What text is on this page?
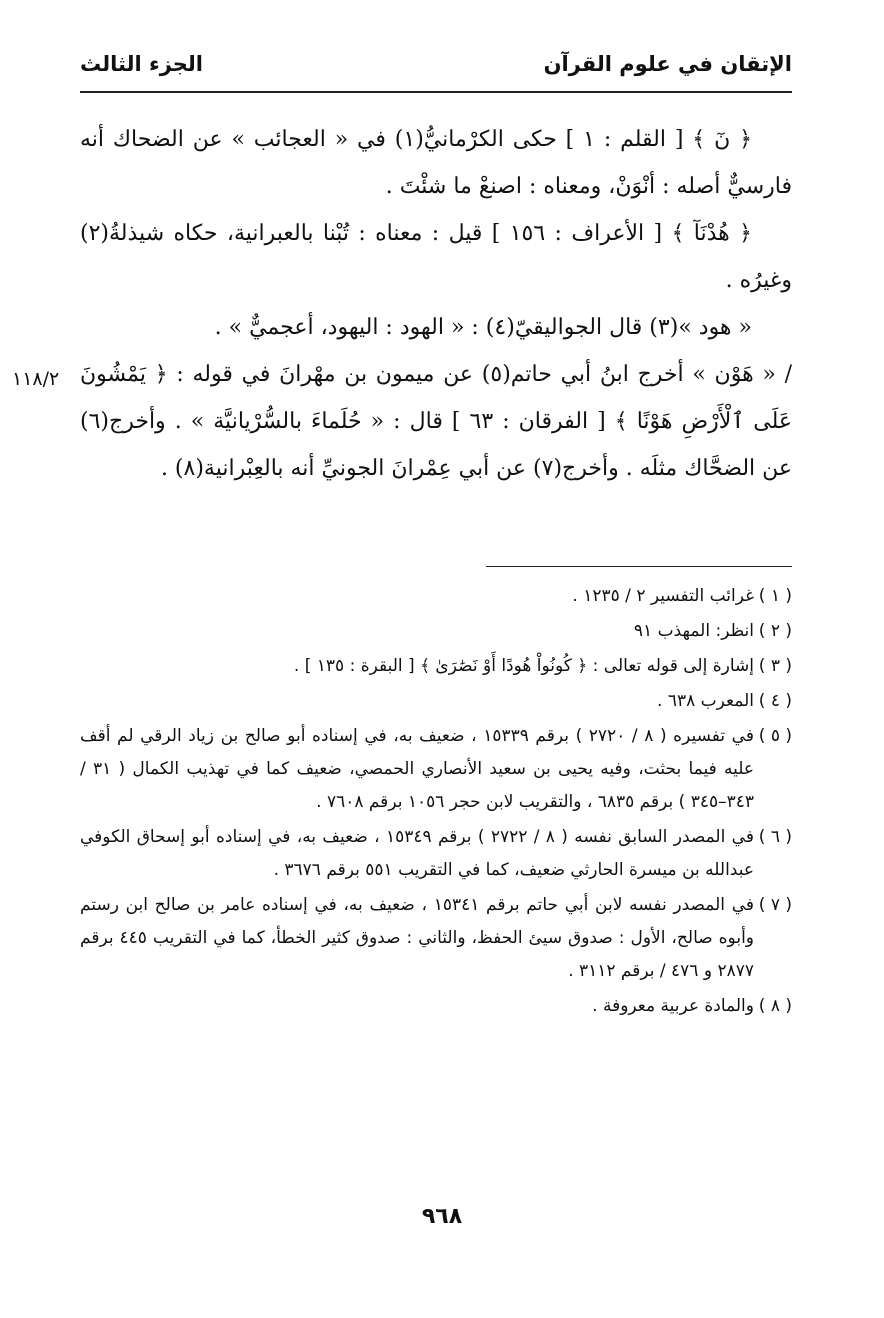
الإتقان في علوم القرآن
الجزء الثالث
١١٨/٢

﴿ نٓ ﴾ [ القلم : ١ ] حكى الكرْمانيُّ(١) في « العجائب » عن الضحاك أنه فارسيٌّ أصله : أنْوَنْ، ومعناه : اصنعْ ما شئْتَ .

﴿ هُدْنَآ ﴾ [ الأعراف : ١٥٦ ] قيل : معناه : تُبْنا بالعبرانية، حكاه شيذلةُ(٢) وغيرُه .

« هود »(٣) قال الجواليقيّ(٤) : « الهود : اليهود، أعجميٌّ » .

/ « هَوْن » أخرج ابنُ أبي حاتم(٥) عن ميمون بن مهْرانَ في قوله : ﴿ يَمْشُونَ عَلَى ٱلْأَرْضِ هَوْنًا ﴾ [ الفرقان : ٦٣ ] قال : « حُلَماءَ بالسُّرْيانيَّة » . وأخرج(٦) عن الضحَّاك مثلَه . وأخرج(٧) عن أبي عِمْرانَ الجونيِّ أنه بالعِبْرانية(٨) .

( ١ )
غرائب التفسير ٢ / ١٢٣٥ .
( ٢ )
انظر: المهذب ٩١
( ٣ )
إشارة إلى قوله تعالى : ﴿ كُونُواْ هُودًا أَوْ نَصَٰرَىٰ ﴾ [ البقرة : ١٣٥ ] .
( ٤ )
المعرب ٦٣٨ .
( ٥ )
في تفسيره ( ٨ / ٢٧٢٠ ) برقم ١٥٣٣٩ ، ضعيف به، في إسناده أبو صالح بن زياد الرقي لم أقف عليه فيما بحثت، وفيه يحيى بن سعيد الأنصاري الحمصي، ضعيف كما في تهذيب الكمال ( ٣١ / ٣٤٣–٣٤٥ ) برقم ٦٨٣٥ ، والتقريب لابن حجر ١٠٥٦ برقم ٧٦٠٨ .
( ٦ )
في المصدر السابق نفسه ( ٨ / ٢٧٢٢ ) برقم ١٥٣٤٩ ، ضعيف به، في إسناده أبو إسحاق الكوفي عبدالله بن ميسرة الحارثي ضعيف، كما في التقريب ٥٥١ برقم ٣٦٧٦ .
( ٧ )
في المصدر نفسه لابن أبي حاتم برقم ١٥٣٤١ ، ضعيف به، في إسناده عامر بن صالح ابن رستم وأبوه صالح، الأول : صدوق سيئ الحفظ، والثاني : صدوق كثير الخطأ، كما في التقريب ٤٤٥ برقم ٢٨٧٧ و ٤٧٦ / برقم ٣١١٢ .
( ٨ )
والمادة عربية معروفة .
٩٦٨
